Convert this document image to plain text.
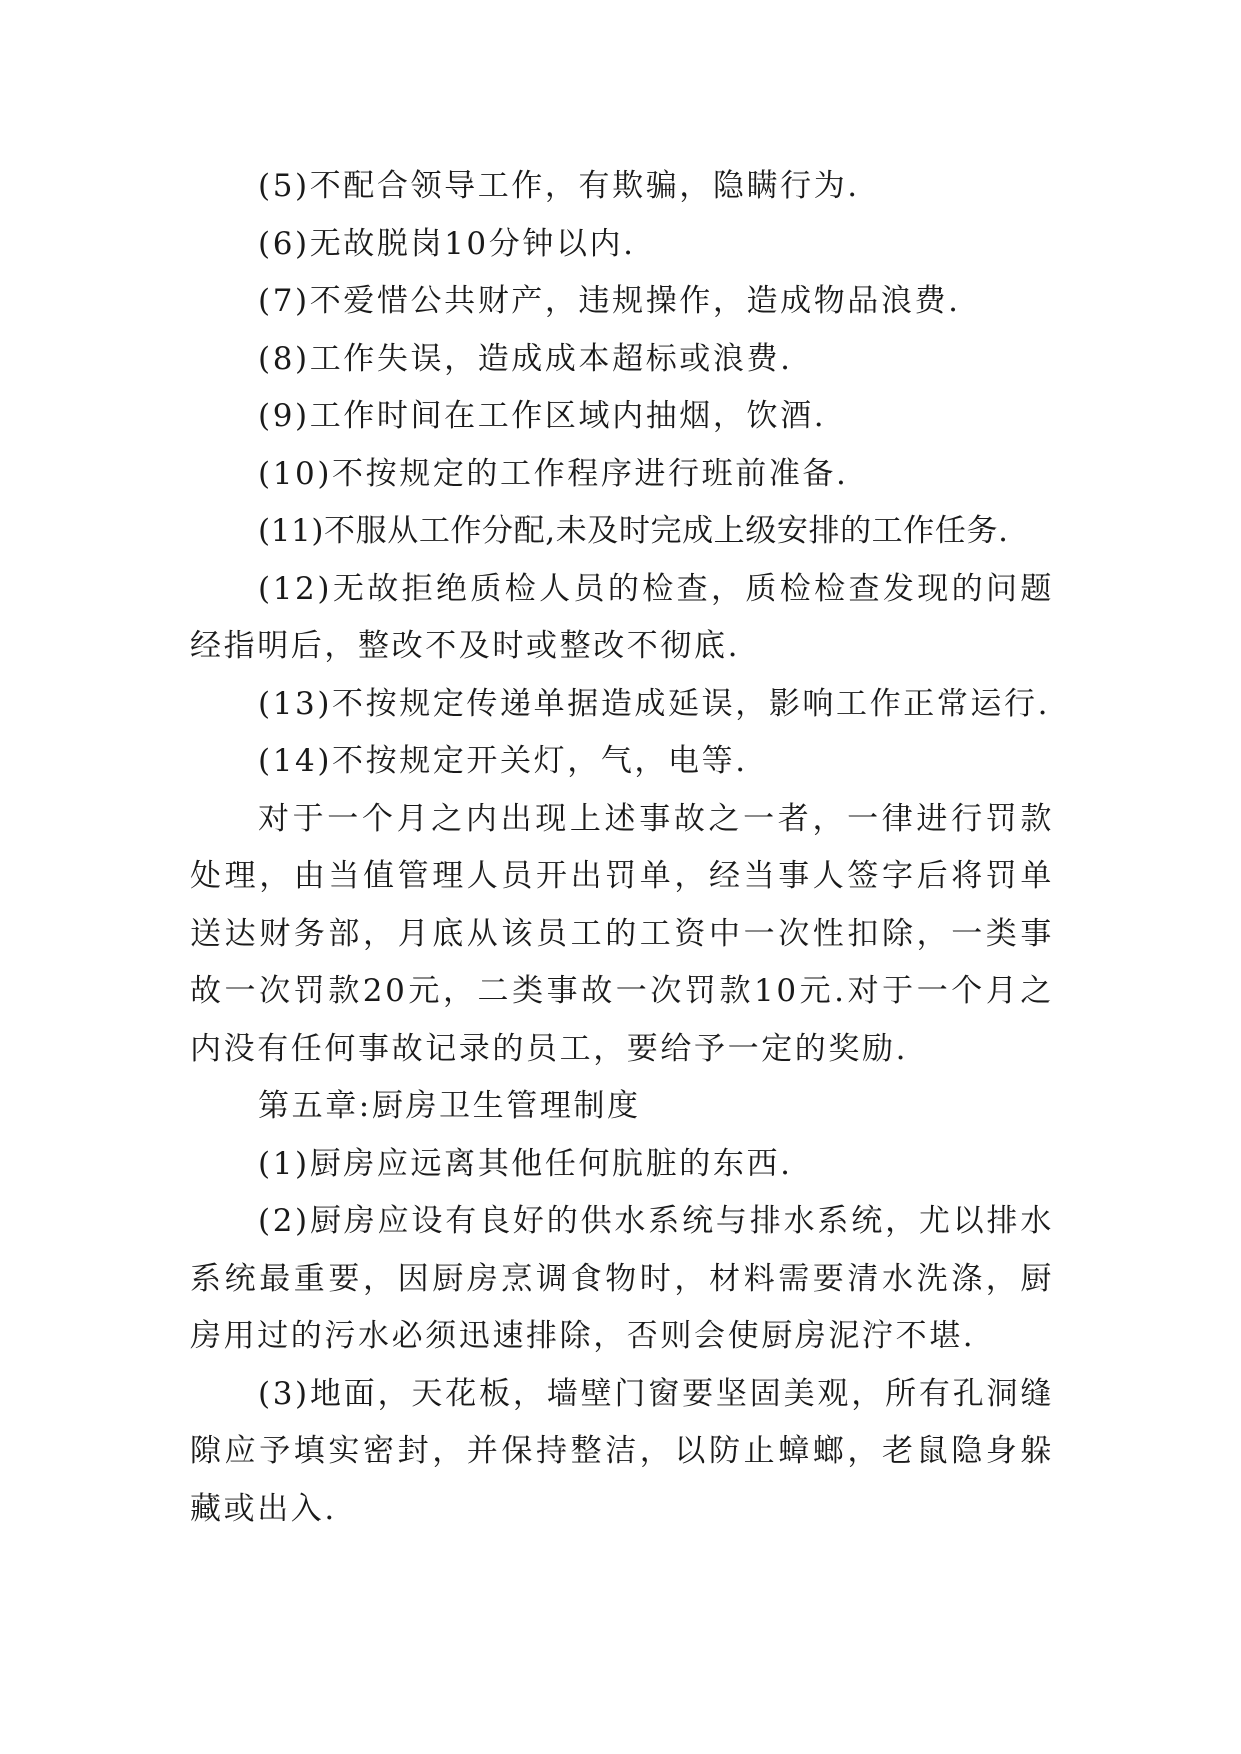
(5)不配合领导工作，有欺骗，隐瞒行为.

(6)无故脱岗10分钟以内.

(7)不爱惜公共财产，违规操作，造成物品浪费.

(8)工作失误，造成成本超标或浪费.

(9)工作时间在工作区域内抽烟，饮酒.

(10)不按规定的工作程序进行班前准备.

(11)不服从工作分配,未及时完成上级安排的工作任务.

(12)无故拒绝质检人员的检查，质检检查发现的问题经指明后，整改不及时或整改不彻底.

(13)不按规定传递单据造成延误，影响工作正常运行.

(14)不按规定开关灯，气，电等.

对于一个月之内出现上述事故之一者，一律进行罚款处理，由当值管理人员开出罚单，经当事人签字后将罚单送达财务部，月底从该员工的工资中一次性扣除，一类事故一次罚款20元，二类事故一次罚款10元.对于一个月之内没有任何事故记录的员工，要给予一定的奖励.

第五章:厨房卫生管理制度

(1)厨房应远离其他任何肮脏的东西.

(2)厨房应设有良好的供水系统与排水系统，尤以排水系统最重要，因厨房烹调食物时，材料需要清水洗涤，厨房用过的污水必须迅速排除，否则会使厨房泥泞不堪.

(3)地面，天花板，墙壁门窗要坚固美观，所有孔洞缝隙应予填实密封，并保持整洁，以防止蟑螂，老鼠隐身躲藏或出入.
